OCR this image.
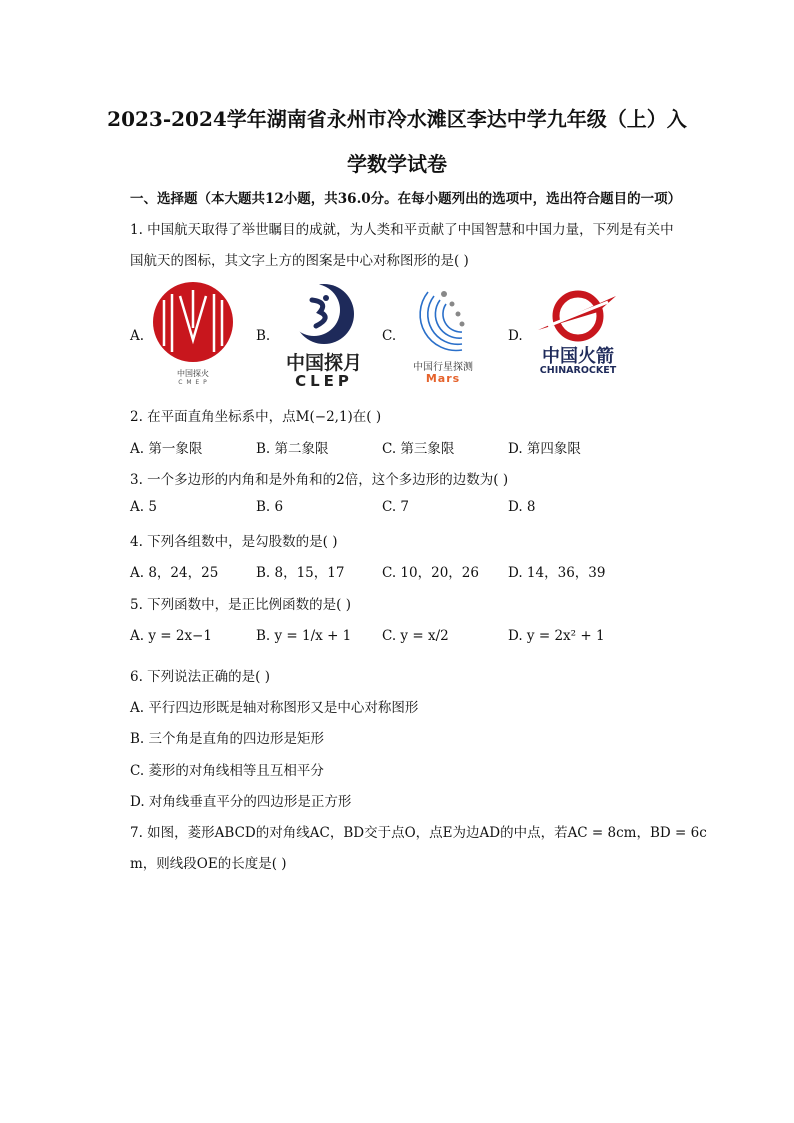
2023-2024学年湖南省永州市冷水滩区李达中学九年级（上）入
学数学试卷
一、选择题（本大题共12小题，共36.0分。在每小题列出的选项中，选出符合题目的一项）
1. 中国航天取得了举世瞩目的成就，为人类和平贡献了中国智慧和中国力量，下列是有关中
国航天的图标，其文字上方的图案是中心对称图形的是( )
A.	B.	C.	D.
中国探火
C M E P
中国探月
CLEP
中国行星探测
Mars
中国火箭
CHINAROCKET
2. 在平面直角坐标系中，点M(−2,1)在( )
A. 第一象限	B. 第二象限	C. 第三象限	D. 第四象限
3. 一个多边形的内角和是外角和的2倍，这个多边形的边数为( )
A. 5	B. 6	C. 7	D. 8
4. 下列各组数中，是勾股数的是( )
A. 8，24，25	B. 8，15，17	C. 10，20，26 D. 14，36，39
5. 下列函数中，是正比例函数的是( )
A. y = 2x−1	B. y = 1/x + 1 C. y = x/2	D. y = 2x² + 1
6. 下列说法正确的是( )
A. 平行四边形既是轴对称图形又是中心对称图形
B. 三个角是直角的四边形是矩形
C. 菱形的对角线相等且互相平分
D. 对角线垂直平分的四边形是正方形
7. 如图，菱形ABCD的对角线AC，BD交于点O，点E为边AD的中点，若AC = 8cm，BD = 6c
m，则线段OE的长度是( )
